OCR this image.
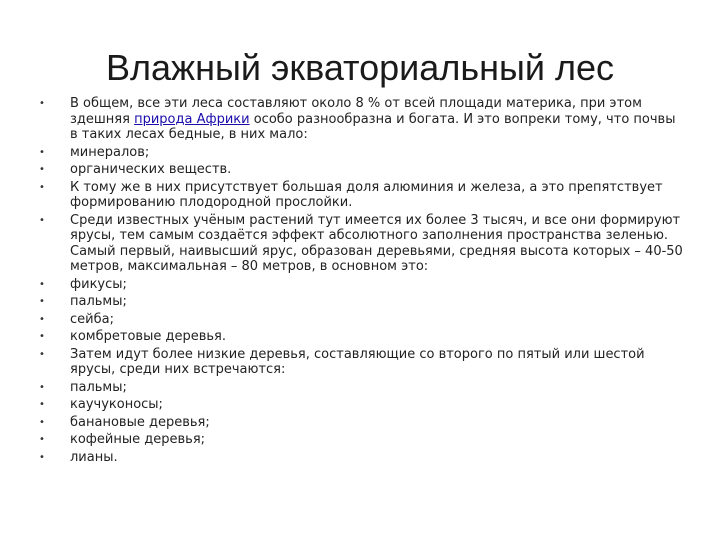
Влажный экваториальный лес
• В общем, все эти леса составляют около 8 % от всей площади материка, при этом здешняя природа Африки особо разнообразна и богата. И это вопреки тому, что почвы в таких лесах бедные, в них мало:
• минералов;
• органических веществ.
• К тому же в них присутствует большая доля алюминия и железа, а это препятствует формированию плодородной прослойки.
• Среди известных учёным растений тут имеется их более 3 тысяч, и все они формируют ярусы, тем самым создаётся эффект абсолютного заполнения пространства зеленью. Самый первый, наивысший ярус, образован деревьями, средняя высота которых – 40-50 метров, максимальная – 80 метров, в основном это:
• фикусы;
• пальмы;
• сейба;
• комбретовые деревья.
• Затем идут более низкие деревья, составляющие со второго по пятый или шестой ярусы, среди них встречаются:
• пальмы;
• каучуконосы;
• банановые деревья;
• кофейные деревья;
• лианы.
